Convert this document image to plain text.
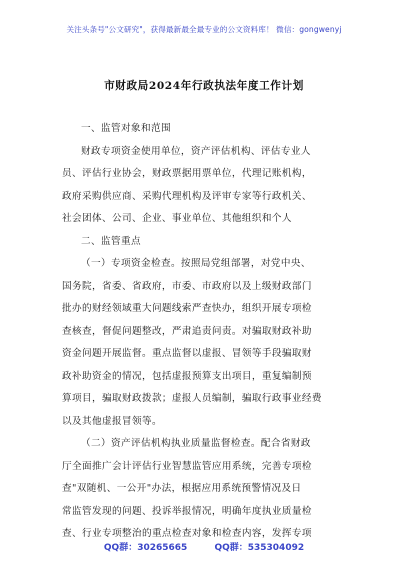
关注头条号"公文研究"，获得最新最全最专业的公文资料库！ 微信：gongwenyj
市财政局2024年行政执法年度工作计划
一、监管对象和范围
财政专项资金使用单位，资产评估机构、评估专业人
员、评估行业协会，财政票据用票单位，代理记账机构，
政府采购供应商、采购代理机构及评审专家等行政机关、
社会团体、公司、企业、事业单位、其他组织和个人
二、监管重点
（一）专项资金检查。按照局党组部署，对党中央、
国务院，省委、省政府，市委、市政府以及上级财政部门
批办的财经领域重大问题线索严查快办，组织开展专项检
查核查，督促问题整改，严肃追责问责。对骗取财政补助
资金问题开展监督。重点监督以虚报、冒领等手段骗取财
政补助资金的情况，包括虚报预算支出项目，重复编制预
算项目，骗取财政拨款；虚报人员编制，骗取行政事业经费
以及其他虚报冒领等。
（二）资产评估机构执业质量监督检查。配合省财政
厅全面推广会计评估行业智慧监管应用系统，完善专项检
查"双随机、一公开"办法，根据应用系统预警情况及日
常监管发现的问题、投诉举报情况，明确年度执业质量检
查、行业专项整治的重点检查对象和检查内容，发挥专项
QQ群：30265665	QQ群：535304092
